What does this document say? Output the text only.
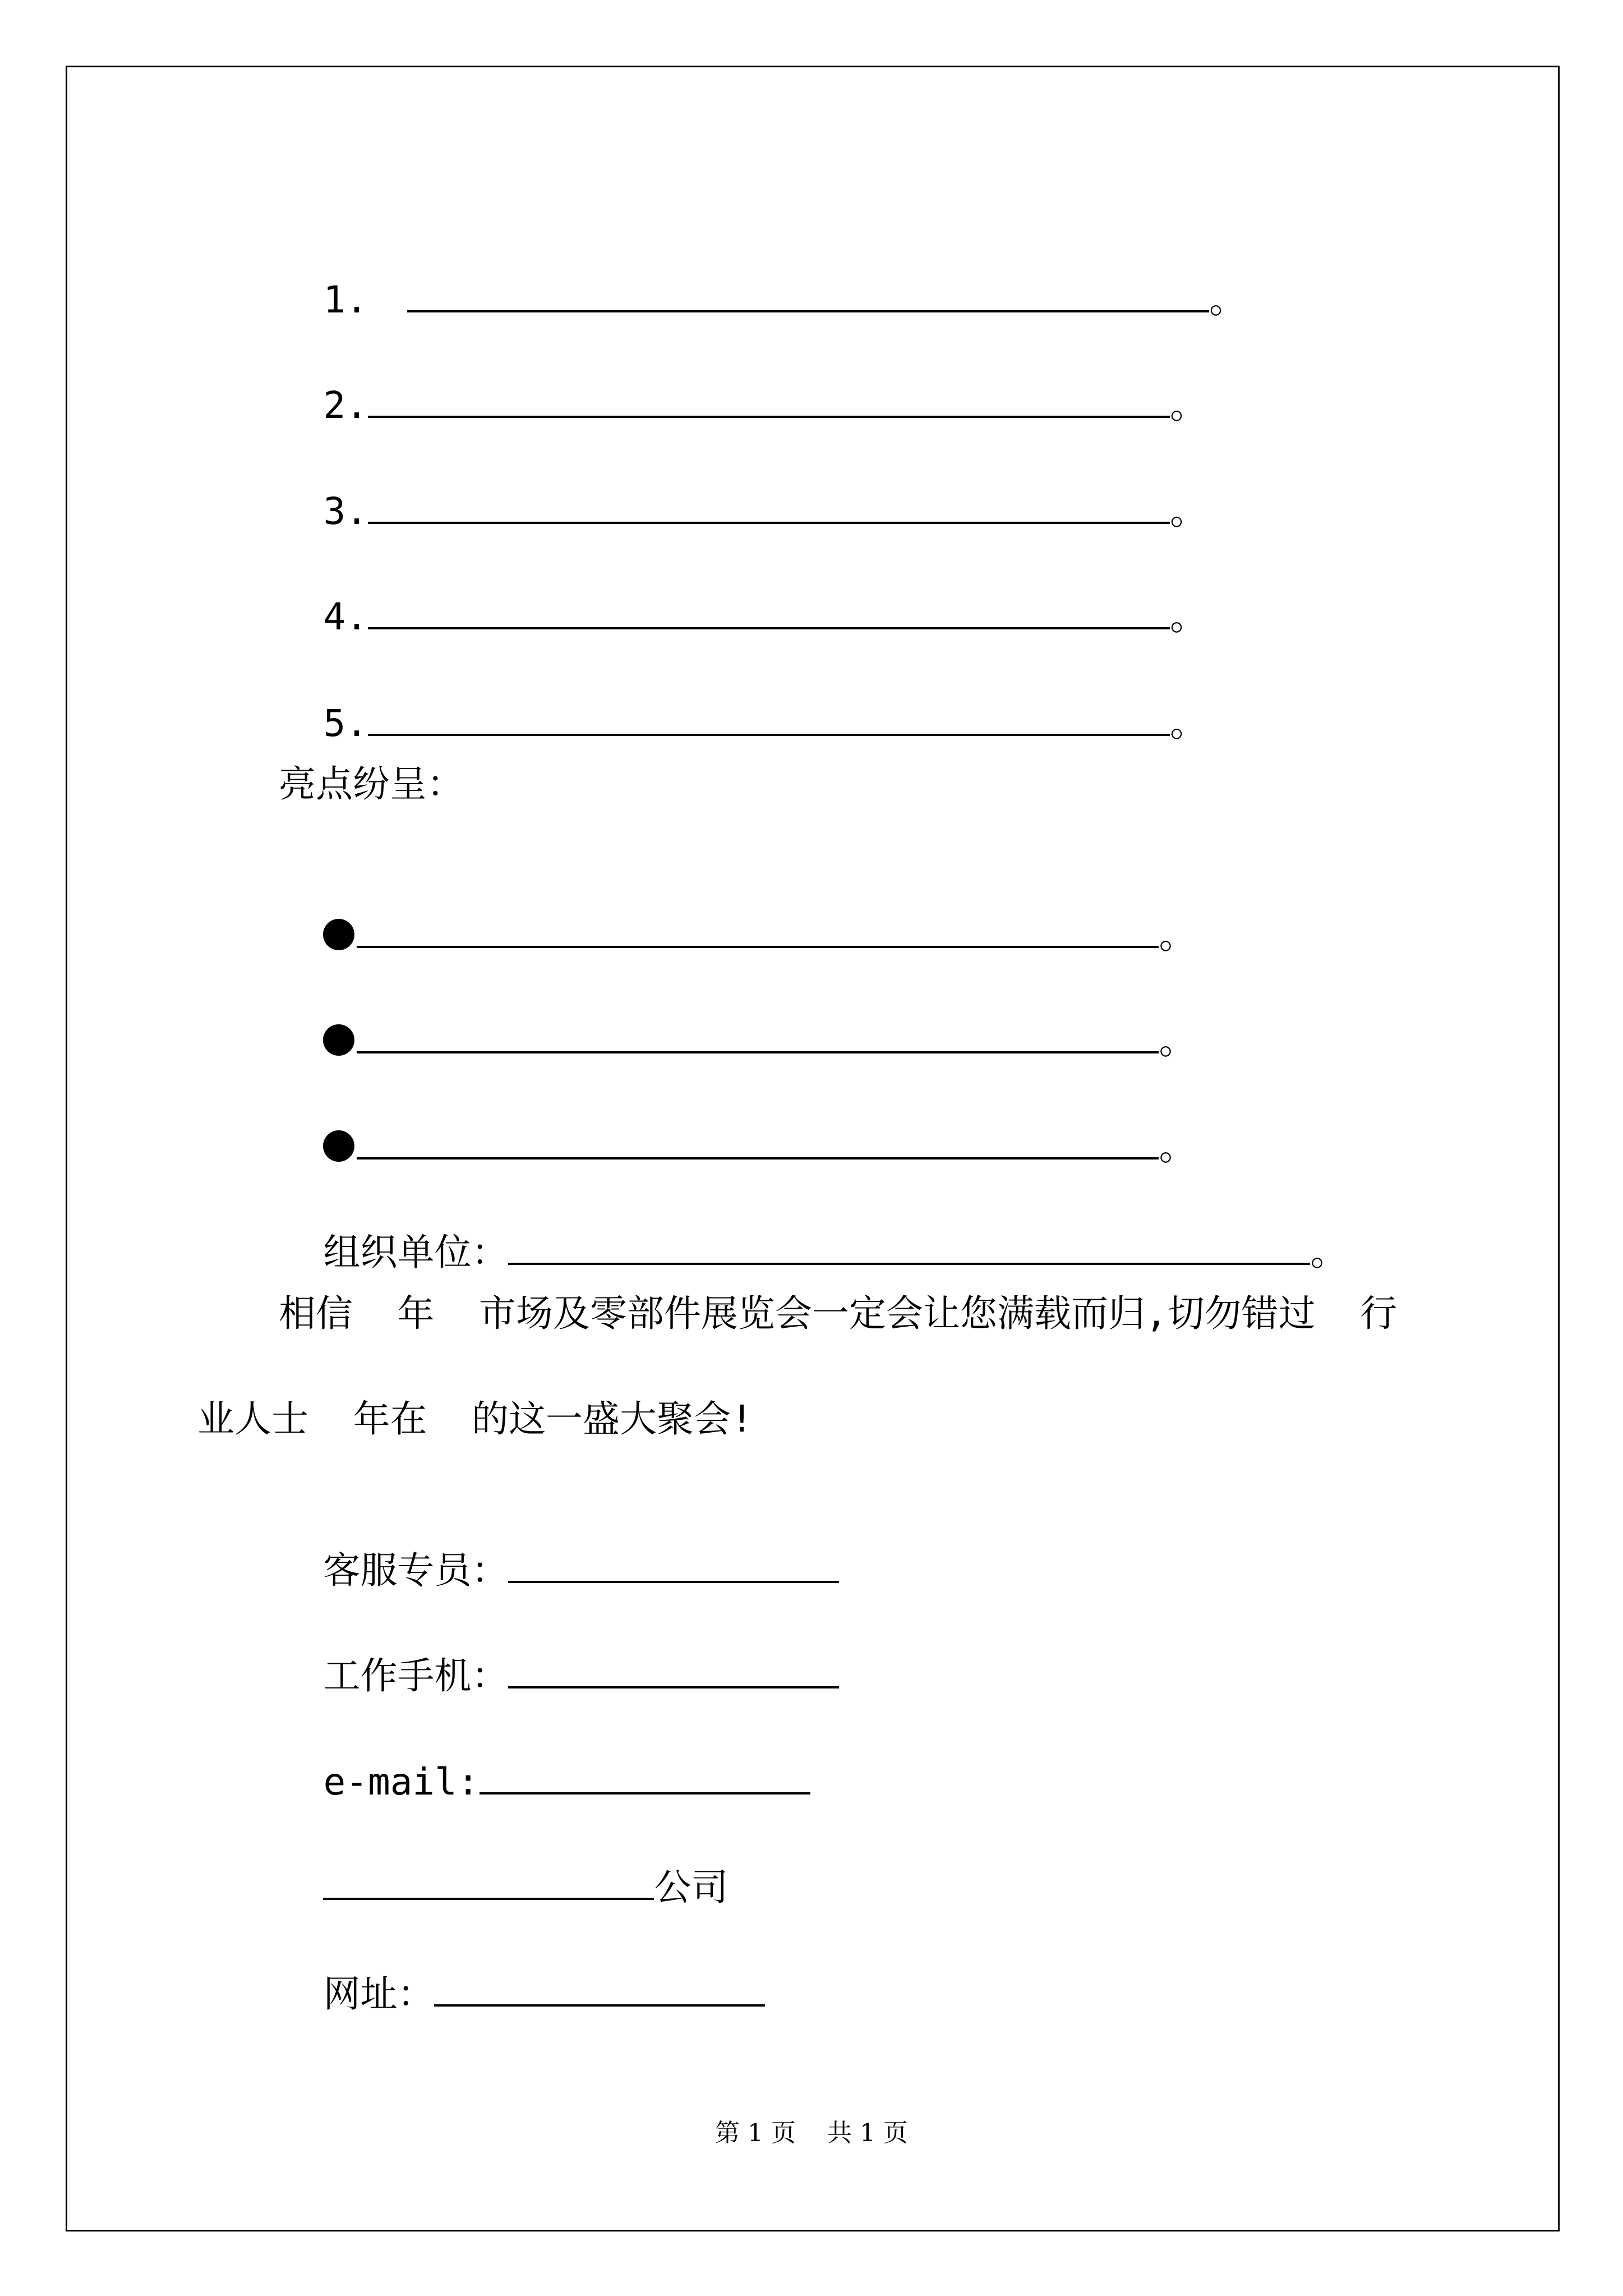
1.	。

2.	。

3.	。

4.	。

5.	。

亮点纷呈：

。

。

。

组织单位：	。

相信  年  市场及零部件展览会一定会让您满载而归,切勿错过  行
业人士  年在  的这一盛大聚会!

客服专员：

工作手机：

e-mail:

公司

网址：

第 1 页    共 1 页
